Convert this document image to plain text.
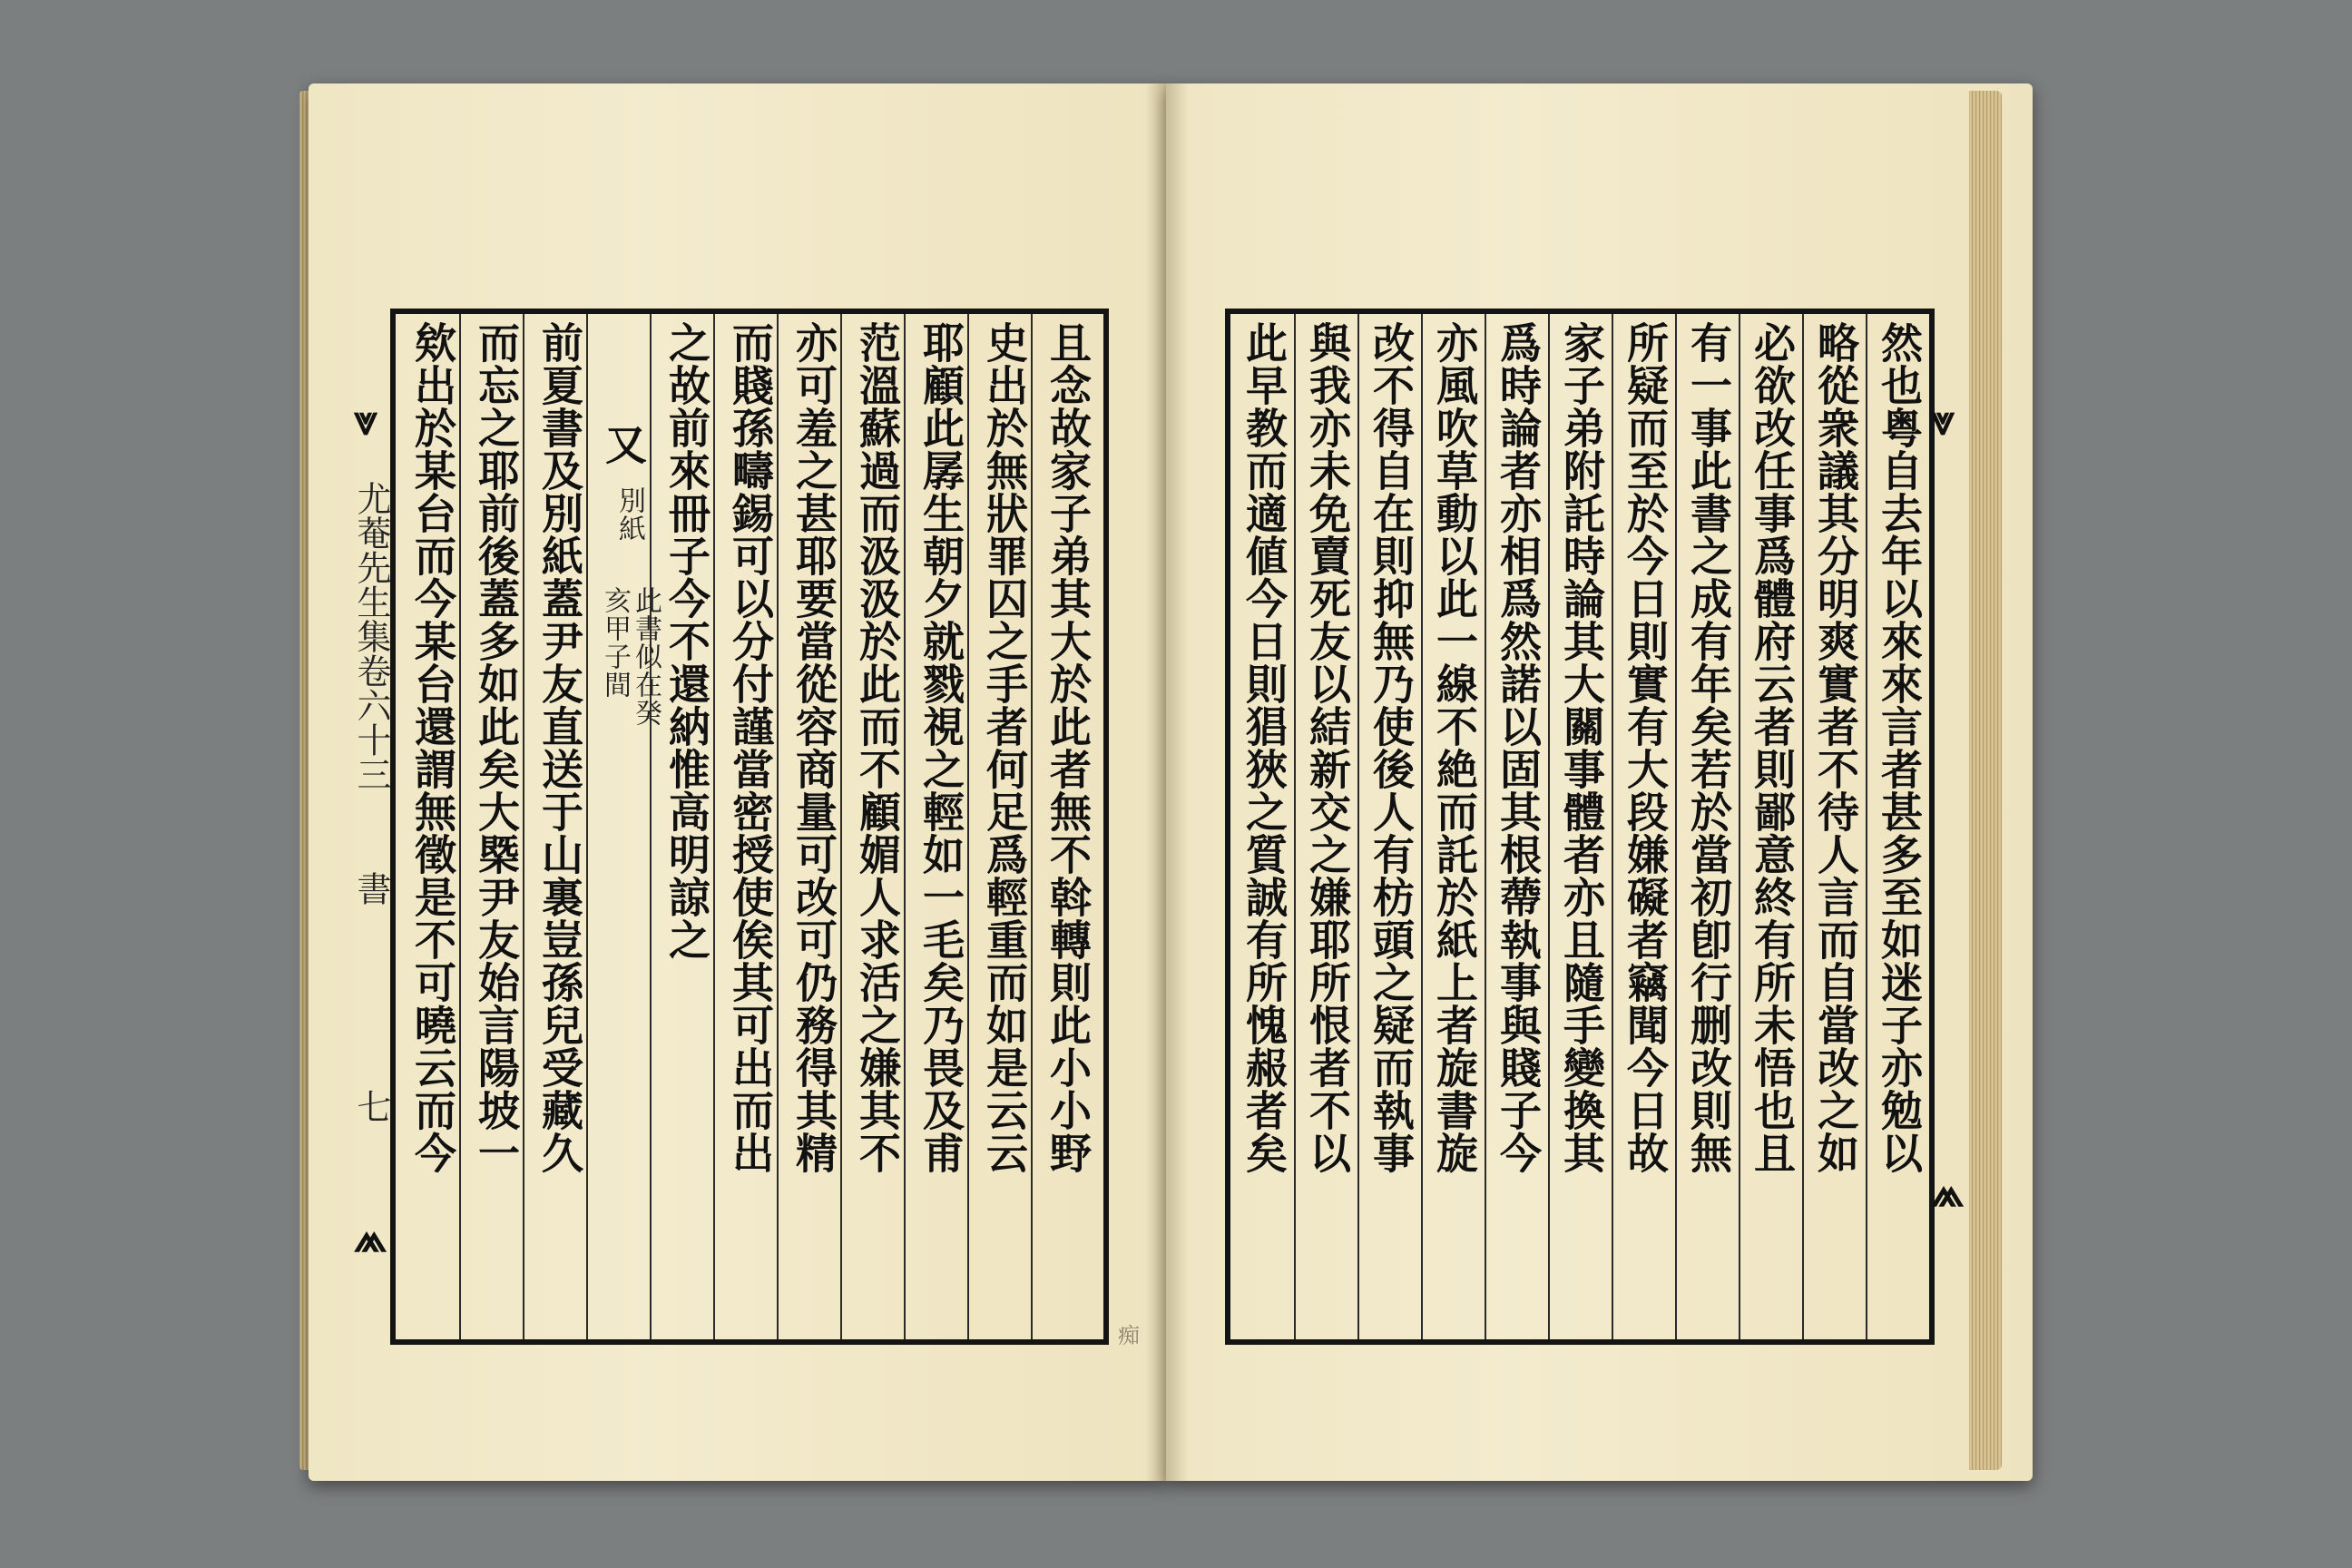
且念故家子弟其大於此者無不斡轉則此小小野
史出於無狀罪囚之手者何足爲輕重而如是云云
耶顧此孱生朝夕就戮視之輕如一毛矣乃畏及甫
范溫蘇過而汲汲於此而不顧媚人求活之嫌其不
亦可羞之甚耶要當從容商量可改可仍務得其精
而賤孫疇錫可以分付謹當密授使俟其可出而出
之故前來冊子今不還納惟高明諒之
又
別紙
此書似在癸
亥甲子間
前夏書及別紙蓋尹友直送于山裏豈孫兒受藏久
而忘之耶前後蓋多如此矣大槩尹友始言陽坡一
欸出於某台而今某台還謂無徵是不可曉云而今
⩔
尤菴先生集卷六十三
書
七
⩕
然也粤自去年以來來言者甚多至如迷子亦勉以
略從衆議其分明爽實者不待人言而自當改之如
必欲改任事爲體府云者則鄙意終有所未悟也且
有一事此書之成有年矣若於當初卽行删改則無
所疑而至於今日則實有大段嫌礙者竊聞今日故
家子弟附託時論其大關事體者亦且隨手變換其
爲時論者亦相爲然諾以固其根蔕執事與賤子今
亦風吹草動以此一線不絶而託於紙上者旋書旋
改不得自在則抑無乃使後人有枋頭之疑而執事
與我亦未免賣死友以結新交之嫌耶所恨者不以
此早教而適値今日則猖狹之質誠有所愧赧者矣	⩔
⩕
痴
